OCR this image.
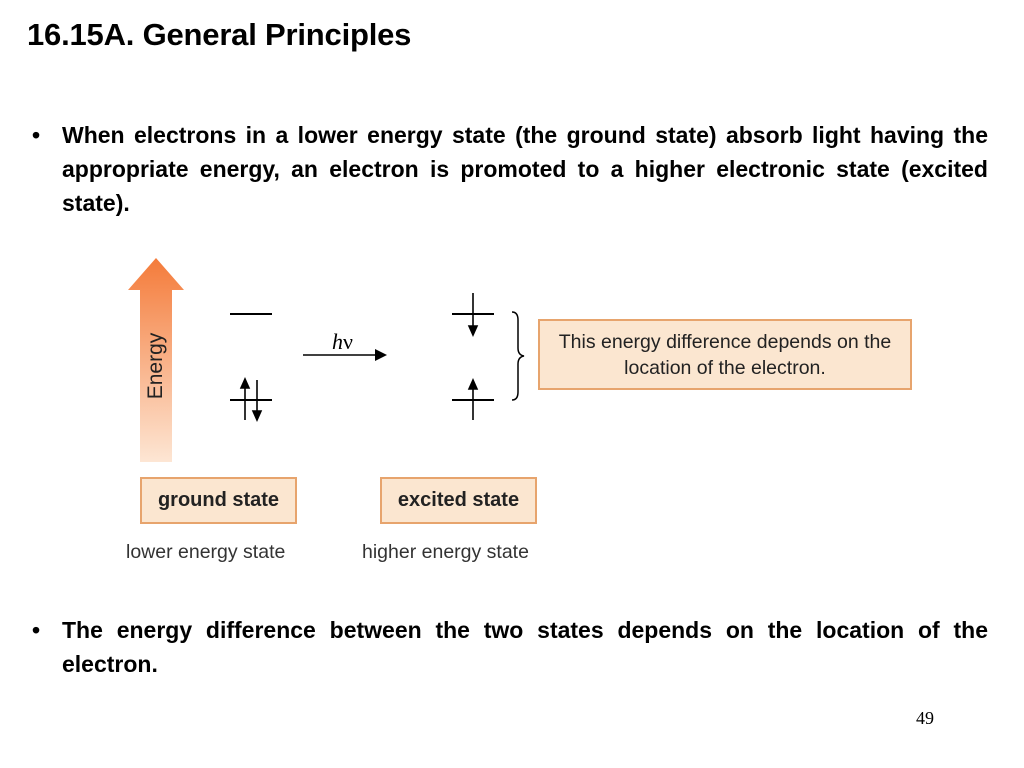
16.15A. General Principles
• When electrons in a lower energy state (the ground state) absorb light having the appropriate energy, an electron is promoted to a higher electronic state (excited state).
Energy	hν	This energy difference depends on the location of the electron.
ground state	excited state
lower energy state	higher energy state
• The energy difference between the two states depends on the location of the electron.
49
